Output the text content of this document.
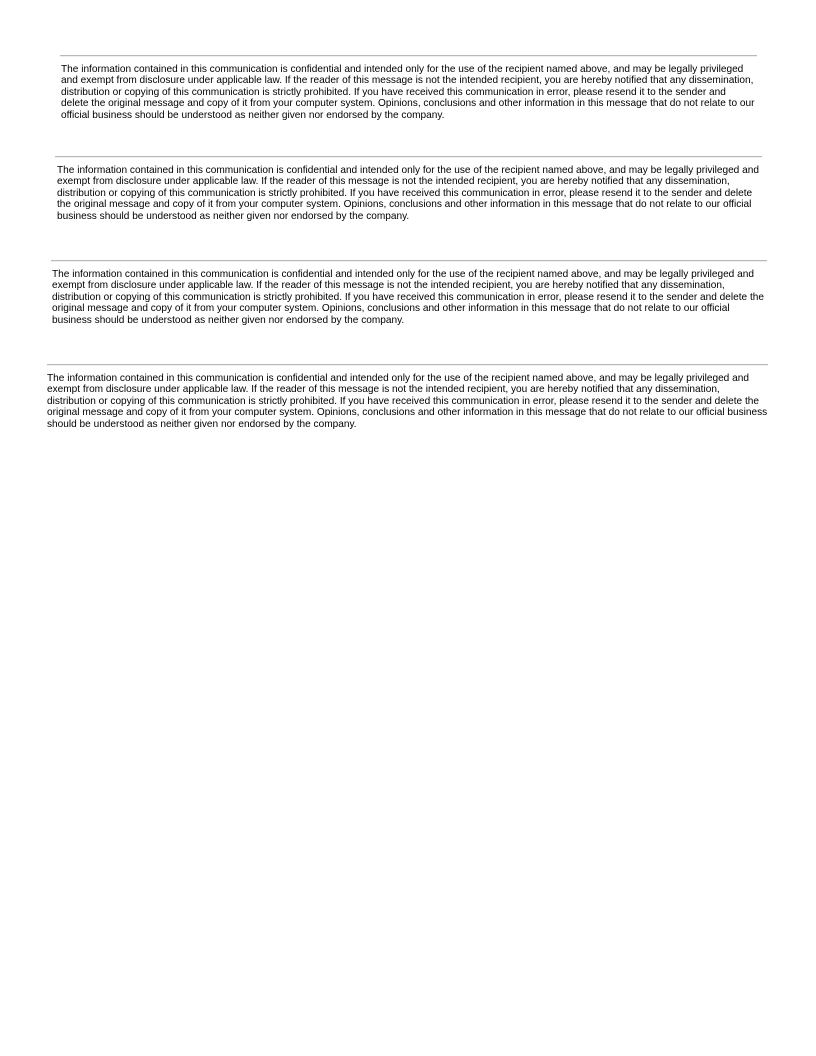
The information contained in this communication is confidential and intended only for the use of the recipient named above, and may be legally privileged and exempt from disclosure under applicable law. If the reader of this message is not the intended recipient, you are hereby notified that any dissemination, distribution or copying of this communication is strictly prohibited. If you have received this communication in error, please resend it to the sender and delete the original message and copy of it from your computer system. Opinions, conclusions and other information in this message that do not relate to our official business should be understood as neither given nor endorsed by the company.

The information contained in this communication is confidential and intended only for the use of the recipient named above, and may be legally privileged and exempt from disclosure under applicable law. If the reader of this message is not the intended recipient, you are hereby notified that any dissemination, distribution or copying of this communication is strictly prohibited. If you have received this communication in error, please resend it to the sender and delete the original message and copy of it from your computer system. Opinions, conclusions and other information in this message that do not relate to our official business should be understood as neither given nor endorsed by the company.

The information contained in this communication is confidential and intended only for the use of the recipient named above, and may be legally privileged and exempt from disclosure under applicable law. If the reader of this message is not the intended recipient, you are hereby notified that any dissemination, distribution or copying of this communication is strictly prohibited. If you have received this communication in error, please resend it to the sender and delete the original message and copy of it from your computer system. Opinions, conclusions and other information in this message that do not relate to our official business should be understood as neither given nor endorsed by the company.

The information contained in this communication is confidential and intended only for the use of the recipient named above, and may be legally privileged and exempt from disclosure under applicable law. If the reader of this message is not the intended recipient, you are hereby notified that any dissemination, distribution or copying of this communication is strictly prohibited. If you have received this communication in error, please resend it to the sender and delete the original message and copy of it from your computer system. Opinions, conclusions and other information in this message that do not relate to our official business should be understood as neither given nor endorsed by the company.
